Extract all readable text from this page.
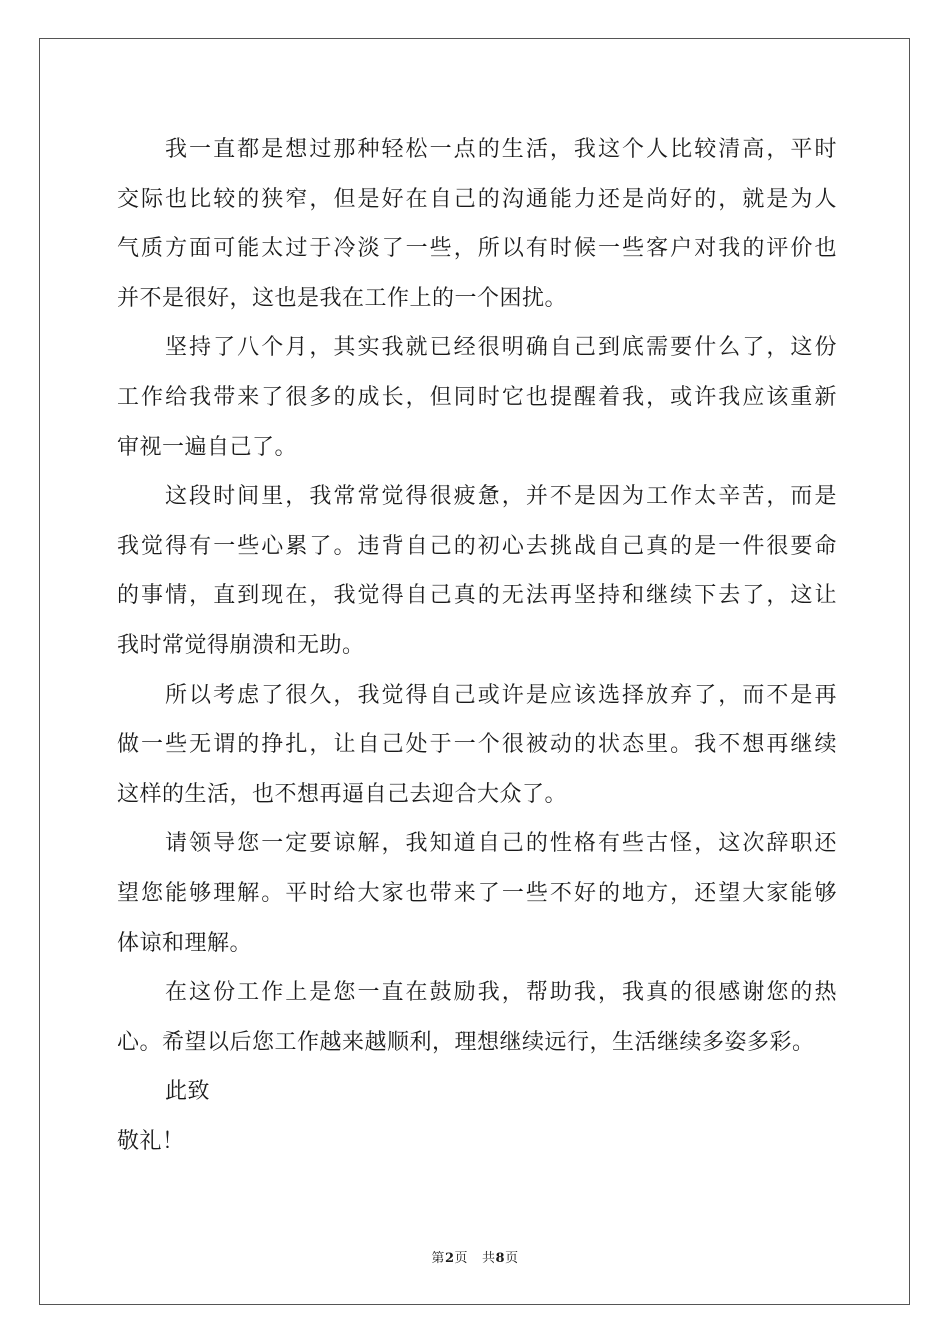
我一直都是想过那种轻松一点的生活，我这个人比较清高，平时
交际也比较的狭窄，但是好在自己的沟通能力还是尚好的，就是为人
气质方面可能太过于冷淡了一些，所以有时候一些客户对我的评价也
并不是很好，这也是我在工作上的一个困扰。
坚持了八个月，其实我就已经很明确自己到底需要什么了，这份
工作给我带来了很多的成长，但同时它也提醒着我，或许我应该重新
审视一遍自己了。
这段时间里，我常常觉得很疲惫，并不是因为工作太辛苦，而是
我觉得有一些心累了。违背自己的初心去挑战自己真的是一件很要命
的事情，直到现在，我觉得自己真的无法再坚持和继续下去了，这让
我时常觉得崩溃和无助。
所以考虑了很久，我觉得自己或许是应该选择放弃了，而不是再
做一些无谓的挣扎，让自己处于一个很被动的状态里。我不想再继续
这样的生活，也不想再逼自己去迎合大众了。
请领导您一定要谅解，我知道自己的性格有些古怪，这次辞职还
望您能够理解。平时给大家也带来了一些不好的地方，还望大家能够
体谅和理解。
在这份工作上是您一直在鼓励我，帮助我，我真的很感谢您的热
心。希望以后您工作越来越顺利，理想继续远行，生活继续多姿多彩。
此致
敬礼！
第2页 共8页
